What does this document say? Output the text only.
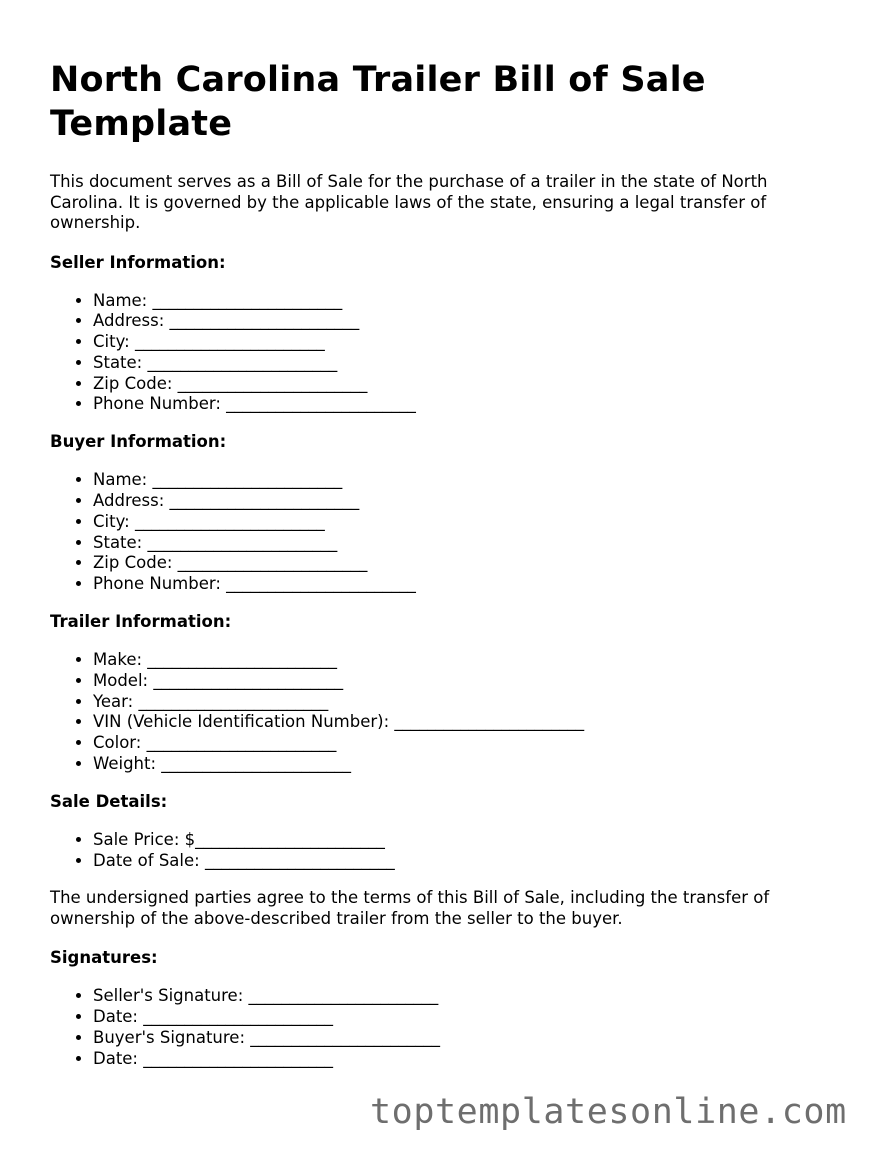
North Carolina Trailer Bill of Sale Template

This document serves as a Bill of Sale for the purchase of a trailer in the state of North Carolina. It is governed by the applicable laws of the state, ensuring a legal transfer of ownership.

Seller Information:
• Name: _______________________
• Address: _______________________
• City: _______________________
• State: _______________________
• Zip Code: _______________________
• Phone Number: _______________________
Buyer Information:
• Name: _______________________
• Address: _______________________
• City: _______________________
• State: _______________________
• Zip Code: _______________________
• Phone Number: _______________________
Trailer Information:
• Make: _______________________
• Model: _______________________
• Year: _______________________
• VIN (Vehicle Identification Number): _______________________
• Color: _______________________
• Weight: _______________________
Sale Details:
• Sale Price: $_______________________
• Date of Sale: _______________________

The undersigned parties agree to the terms of this Bill of Sale, including the transfer of ownership of the above-described trailer from the seller to the buyer.

Signatures:
• Seller's Signature: _______________________
• Date: _______________________
• Buyer's Signature: _______________________
• Date: _______________________
toptemplatesonline.com
